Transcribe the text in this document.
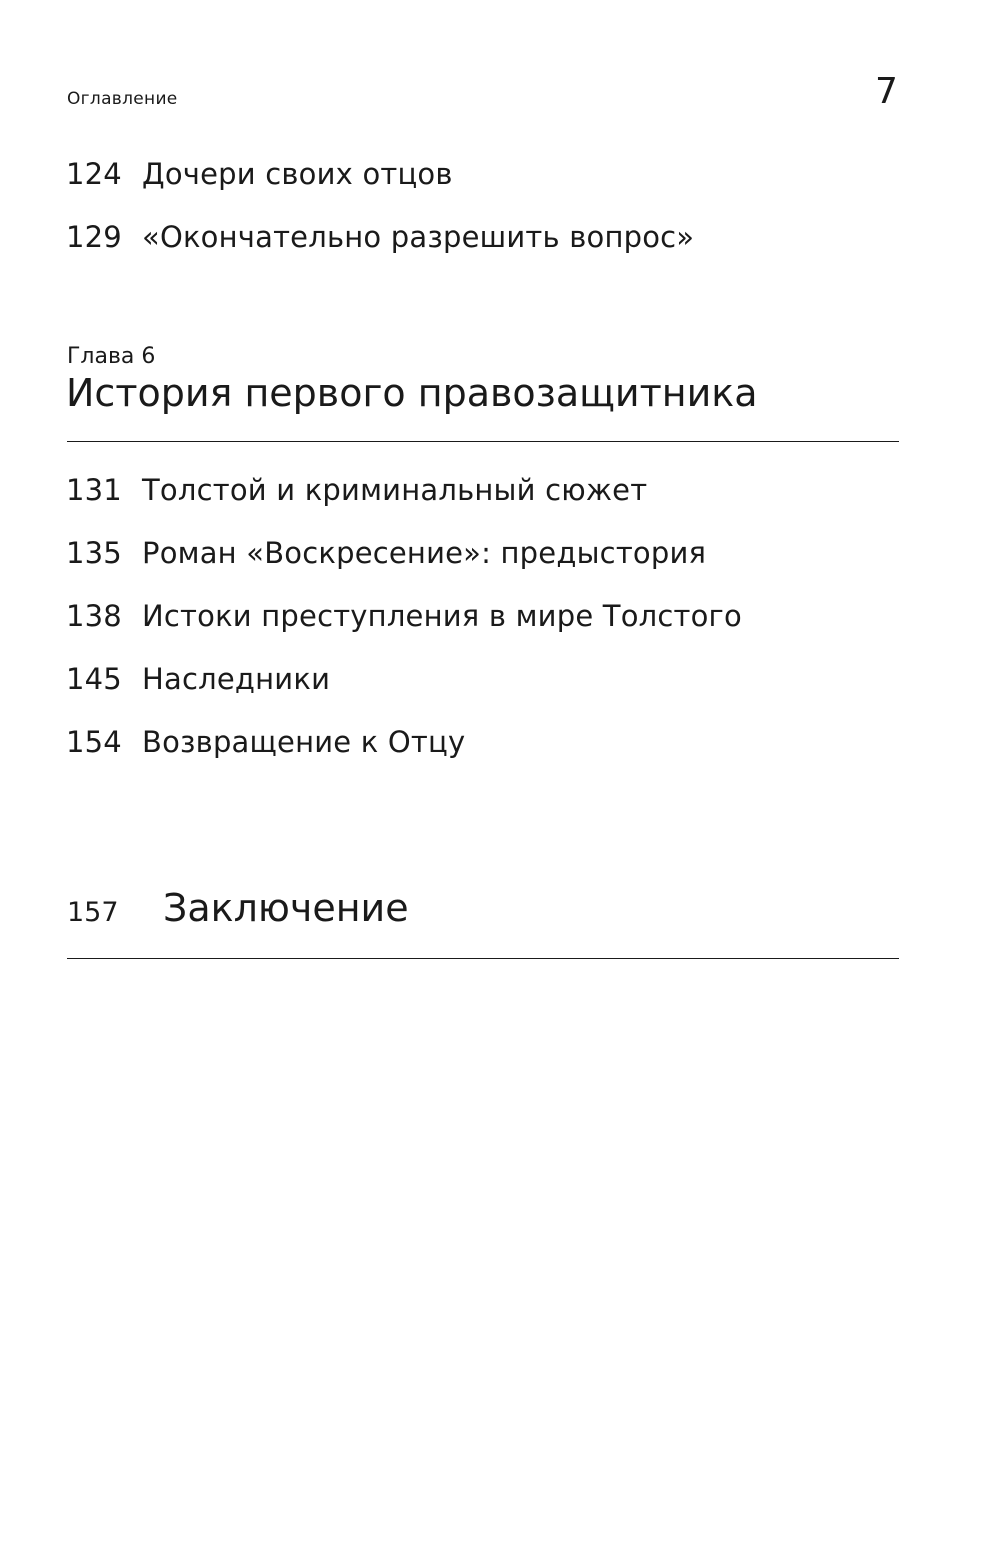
Оглавление	7
124 Дочери своих отцов
129 «Окончательно разрешить вопрос»
Глава 6
История первого правозащитника
131 Толстой и криминальный сюжет
135 Роман «Воскресение»: предыстория
138 Истоки преступления в мире Толстого
145 Наследники
154 Возвращение к Отцу
157 Заключение
